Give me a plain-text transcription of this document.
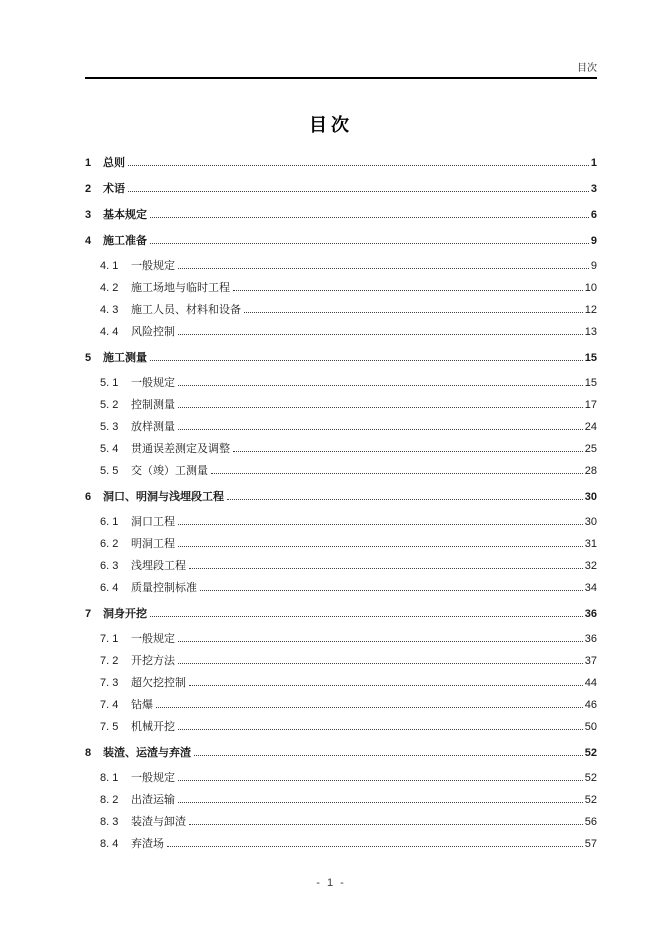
目次
目次
1	总则	1
2	术语	3
3	基本规定	6
4	施工准备	9
4. 1	一般规定	9
4. 2	施工场地与临时工程	10
4. 3	施工人员、材料和设备	12
4. 4	风险控制	13
5	施工测量	15
5. 1	一般规定	15
5. 2	控制测量	17
5. 3	放样测量	24
5. 4	贯通误差测定及调整	25
5. 5	交（竣）工测量	28
6	洞口、明洞与浅埋段工程	30
6. 1	洞口工程	30
6. 2	明洞工程	31
6. 3	浅埋段工程	32
6. 4	质量控制标准	34
7	洞身开挖	36
7. 1	一般规定	36
7. 2	开挖方法	37
7. 3	超欠挖控制	44
7. 4	钻爆	46
7. 5	机械开挖	50
8	装渣、运渣与弃渣	52
8. 1	一般规定	52
8. 2	出渣运输	52
8. 3	装渣与卸渣	56
8. 4	弃渣场	57
- 1 -
